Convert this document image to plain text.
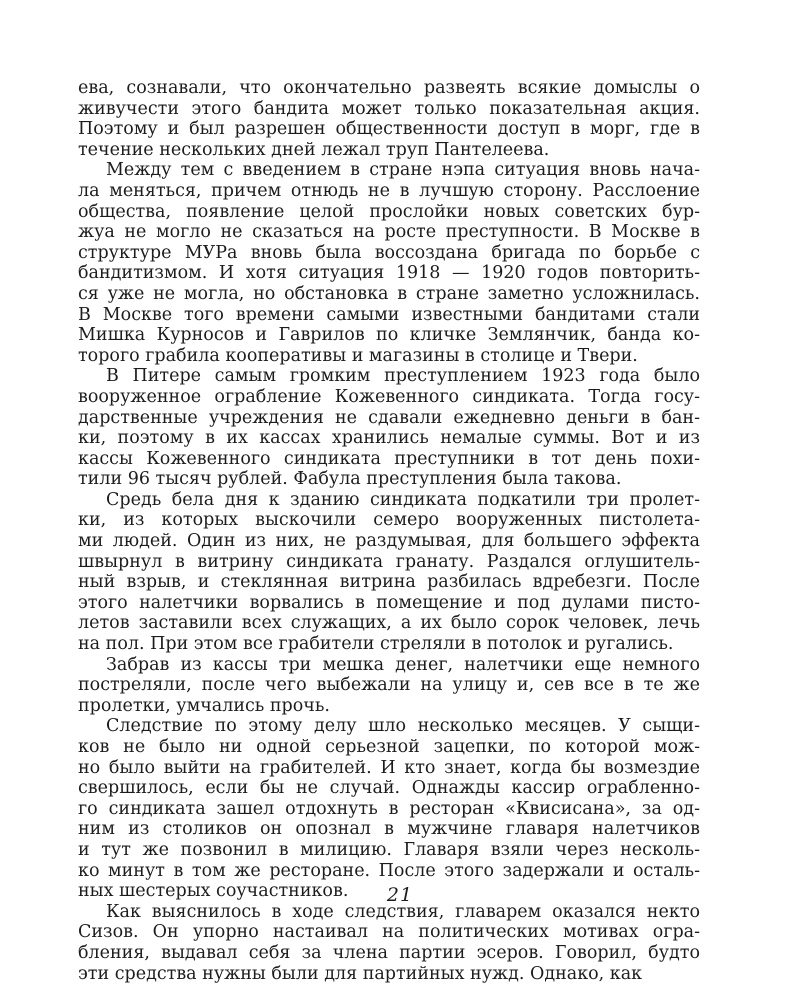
ева, сознавали, что окончательно развеять всякие домыслы о
живучести этого бандита может только показательная акция.
Поэтому и был разрешен общественности доступ в морг, где в
течение нескольких дней лежал труп Пантелеева.
Между тем с введением в стране нэпа ситуация вновь нача-
ла меняться, причем отнюдь не в лучшую сторону. Расслоение
общества, появление целой прослойки новых советских бур-
жуа не могло не сказаться на росте преступности. В Москве в
структуре МУРа вновь была воссоздана бригада по борьбе с
бандитизмом. И хотя ситуация 1918 — 1920 годов повторить-
ся уже не могла, но обстановка в стране заметно усложнилась.
В Москве того времени самыми известными бандитами стали
Мишка Курносов и Гаврилов по кличке Землянчик, банда ко-
торого грабила кооперативы и магазины в столице и Твери.
В Питере самым громким преступлением 1923 года было
вооруженное ограбление Кожевенного синдиката. Тогда госу-
дарственные учреждения не сдавали ежедневно деньги в бан-
ки, поэтому в их кассах хранились немалые суммы. Вот и из
кассы Кожевенного синдиката преступники в тот день похи-
тили 96 тысяч рублей. Фабула преступления была такова.
Средь бела дня к зданию синдиката подкатили три пролет-
ки, из которых выскочили семеро вооруженных пистолета-
ми людей. Один из них, не раздумывая, для большего эффекта
швырнул в витрину синдиката гранату. Раздался оглушитель-
ный взрыв, и стеклянная витрина разбилась вдребезги. После
этого налетчики ворвались в помещение и под дулами писто-
летов заставили всех служащих, а их было сорок человек, лечь
на пол. При этом все грабители стреляли в потолок и ругались.
Забрав из кассы три мешка денег, налетчики еще немного
постреляли, после чего выбежали на улицу и, сев все в те же
пролетки, умчались прочь.
Следствие по этому делу шло несколько месяцев. У сыщи-
ков не было ни одной серьезной зацепки, по которой мож-
но было выйти на грабителей. И кто знает, когда бы возмездие
свершилось, если бы не случай. Однажды кассир ограбленно-
го синдиката зашел отдохнуть в ресторан «Квисисана», за од-
ним из столиков он опознал в мужчине главаря налетчиков
и тут же позвонил в милицию. Главаря взяли через несколь-
ко минут в том же ресторане. После этого задержали и осталь-
ных шестерых соучастников.
Как выяснилось в ходе следствия, главарем оказался некто
Сизов. Он упорно настаивал на политических мотивах огра-
бления, выдавал себя за члена партии эсеров. Говорил, будто
эти средства нужны были для партийных нужд. Однако, как
21
